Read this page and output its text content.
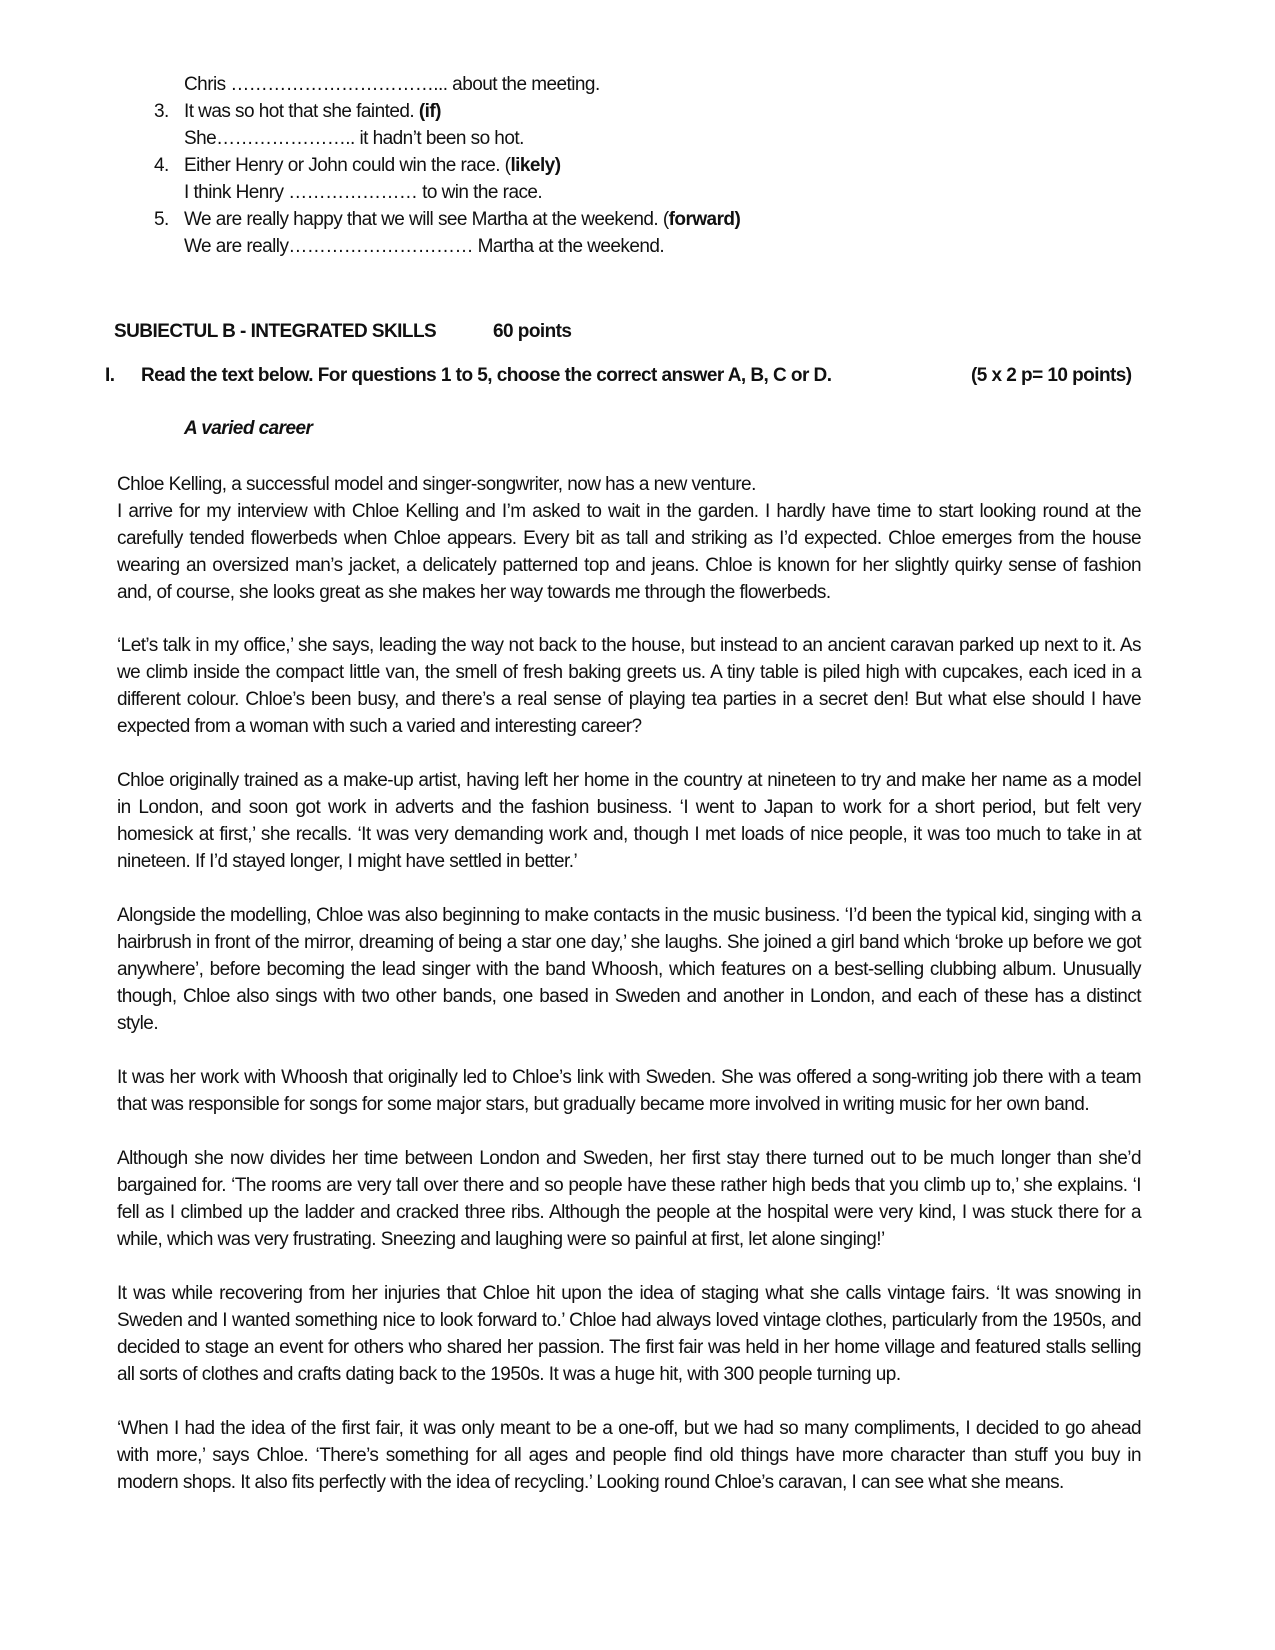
Chris ……………………………... about the meeting.
3. It was so hot that she fainted. (if)
She………………….. it hadn’t been so hot.
4. Either Henry or John could win the race. (likely)
I think Henry ………………… to win the race.
5. We are really happy that we will see Martha at the weekend. (forward)
We are really………………………… Martha at the weekend.
SUBIECTUL B - INTEGRATED SKILLS	60 points
I. Read the text below. For questions 1 to 5, choose the correct answer A, B, C or D.	(5 x 2 p= 10 points)
A varied career
Chloe Kelling, a successful model and singer-songwriter, now has a new venture.
I arrive for my interview with Chloe Kelling and I’m asked to wait in the garden. I hardly have time to start looking round at the carefully tended flowerbeds when Chloe appears. Every bit as tall and striking as I’d expected. Chloe emerges from the house wearing an oversized man’s jacket, a delicately patterned top and jeans. Chloe is known for her slightly quirky sense of fashion and, of course, she looks great as she makes her way towards me through the flowerbeds.
‘Let’s talk in my office,’ she says, leading the way not back to the house, but instead to an ancient caravan parked up next to it. As we climb inside the compact little van, the smell of fresh baking greets us. A tiny table is piled high with cupcakes, each iced in a different colour. Chloe’s been busy, and there’s a real sense of playing tea parties in a secret den! But what else should I have expected from a woman with such a varied and interesting career?
Chloe originally trained as a make-up artist, having left her home in the country at nineteen to try and make her name as a model in London, and soon got work in adverts and the fashion business. ‘I went to Japan to work for a short period, but felt very homesick at first,’ she recalls. ‘It was very demanding work and, though I met loads of nice people, it was too much to take in at nineteen. If I’d stayed longer, I might have settled in better.’
Alongside the modelling, Chloe was also beginning to make contacts in the music business. ‘I’d been the typical kid, singing with a hairbrush in front of the mirror, dreaming of being a star one day,’ she laughs. She joined a girl band which ‘broke up before we got anywhere’, before becoming the lead singer with the band Whoosh, which features on a best-selling clubbing album. Unusually though, Chloe also sings with two other bands, one based in Sweden and another in London, and each of these has a distinct style.
It was her work with Whoosh that originally led to Chloe’s link with Sweden. She was offered a song-writing job there with a team that was responsible for songs for some major stars, but gradually became more involved in writing music for her own band.
Although she now divides her time between London and Sweden, her first stay there turned out to be much longer than she’d bargained for. ‘The rooms are very tall over there and so people have these rather high beds that you climb up to,’ she explains. ‘I fell as I climbed up the ladder and cracked three ribs. Although the people at the hospital were very kind, I was stuck there for a while, which was very frustrating. Sneezing and laughing were so painful at first, let alone singing!’
It was while recovering from her injuries that Chloe hit upon the idea of staging what she calls vintage fairs. ‘It was snowing in Sweden and I wanted something nice to look forward to.’ Chloe had always loved vintage clothes, particularly from the 1950s, and decided to stage an event for others who shared her passion. The first fair was held in her home village and featured stalls selling all sorts of clothes and crafts dating back to the 1950s. It was a huge hit, with 300 people turning up.
‘When I had the idea of the first fair, it was only meant to be a one-off, but we had so many compliments, I decided to go ahead with more,’ says Chloe. ‘There’s something for all ages and people find old things have more character than stuff you buy in modern shops. It also fits perfectly with the idea of recycling.’ Looking round Chloe’s caravan, I can see what she means.
